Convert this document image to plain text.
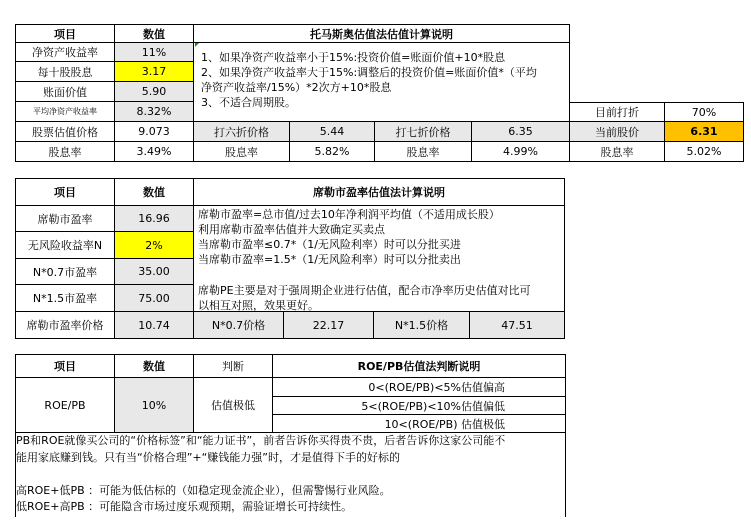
项目	数值	托马斯奥估值法估值计算说明
净资产收益率	11%
每十股股息	3.17
账面价值	5.90
平均净资产收益率	8.32%
1、如果净资产收益率小于15%:投资价值=账面价值+10*股息
2、如果净资产收益率大于15%:调整后的投资价值=账面价值*（平均
净资产收益率/15%）*2次方+10*股息
3、不适合周期股。
目前打折	70%
股票估值价格	9.073	打六折价格	5.44	打七折价格	6.35	当前股价	6.31
股息率	3.49%	股息率	5.82%	股息率	4.99%	股息率	5.02%
项目	数值	席勒市盈率估值法计算说明
席勒市盈率	16.96
无风险收益率N	2%
N*0.7市盈率	35.00
N*1.5市盈率	75.00
席勒市盈率=总市值/过去10年净利润平均值（不适用成长股）
利用席勒市盈率估值并大致确定买卖点
当席勒市盈率≤0.7*（1/无风险利率）时可以分批买进
当席勒市盈率=1.5*（1/无风险利率）时可以分批卖出
席勒PE主要是对于强周期企业进行估值，配合市净率历史估值对比可
以相互对照，效果更好。
席勒市盈率价格	10.74	N*0.7价格	22.17	N*1.5价格	47.51
项目	数值	判断	ROE/PB估值法判断说明
ROE/PB	10%	估值极低
0<(ROE/PB)<5%估值偏高
5<(ROE/PB)<10%估值偏低
10<(ROE/PB) 估值极低
PB和ROE就像买公司的“价格标签”和“能力证书”，前者告诉你买得贵不贵，后者告诉你这家公司能不
能用家底赚到钱。只有当“价格合理”+“赚钱能力强”时，才是值得下手的好标的
高ROE+低PB ：可能为低估标的（如稳定现金流企业），但需警惕行业风险。
低ROE+高PB ：可能隐含市场过度乐观预期，需验证增长可持续性。
